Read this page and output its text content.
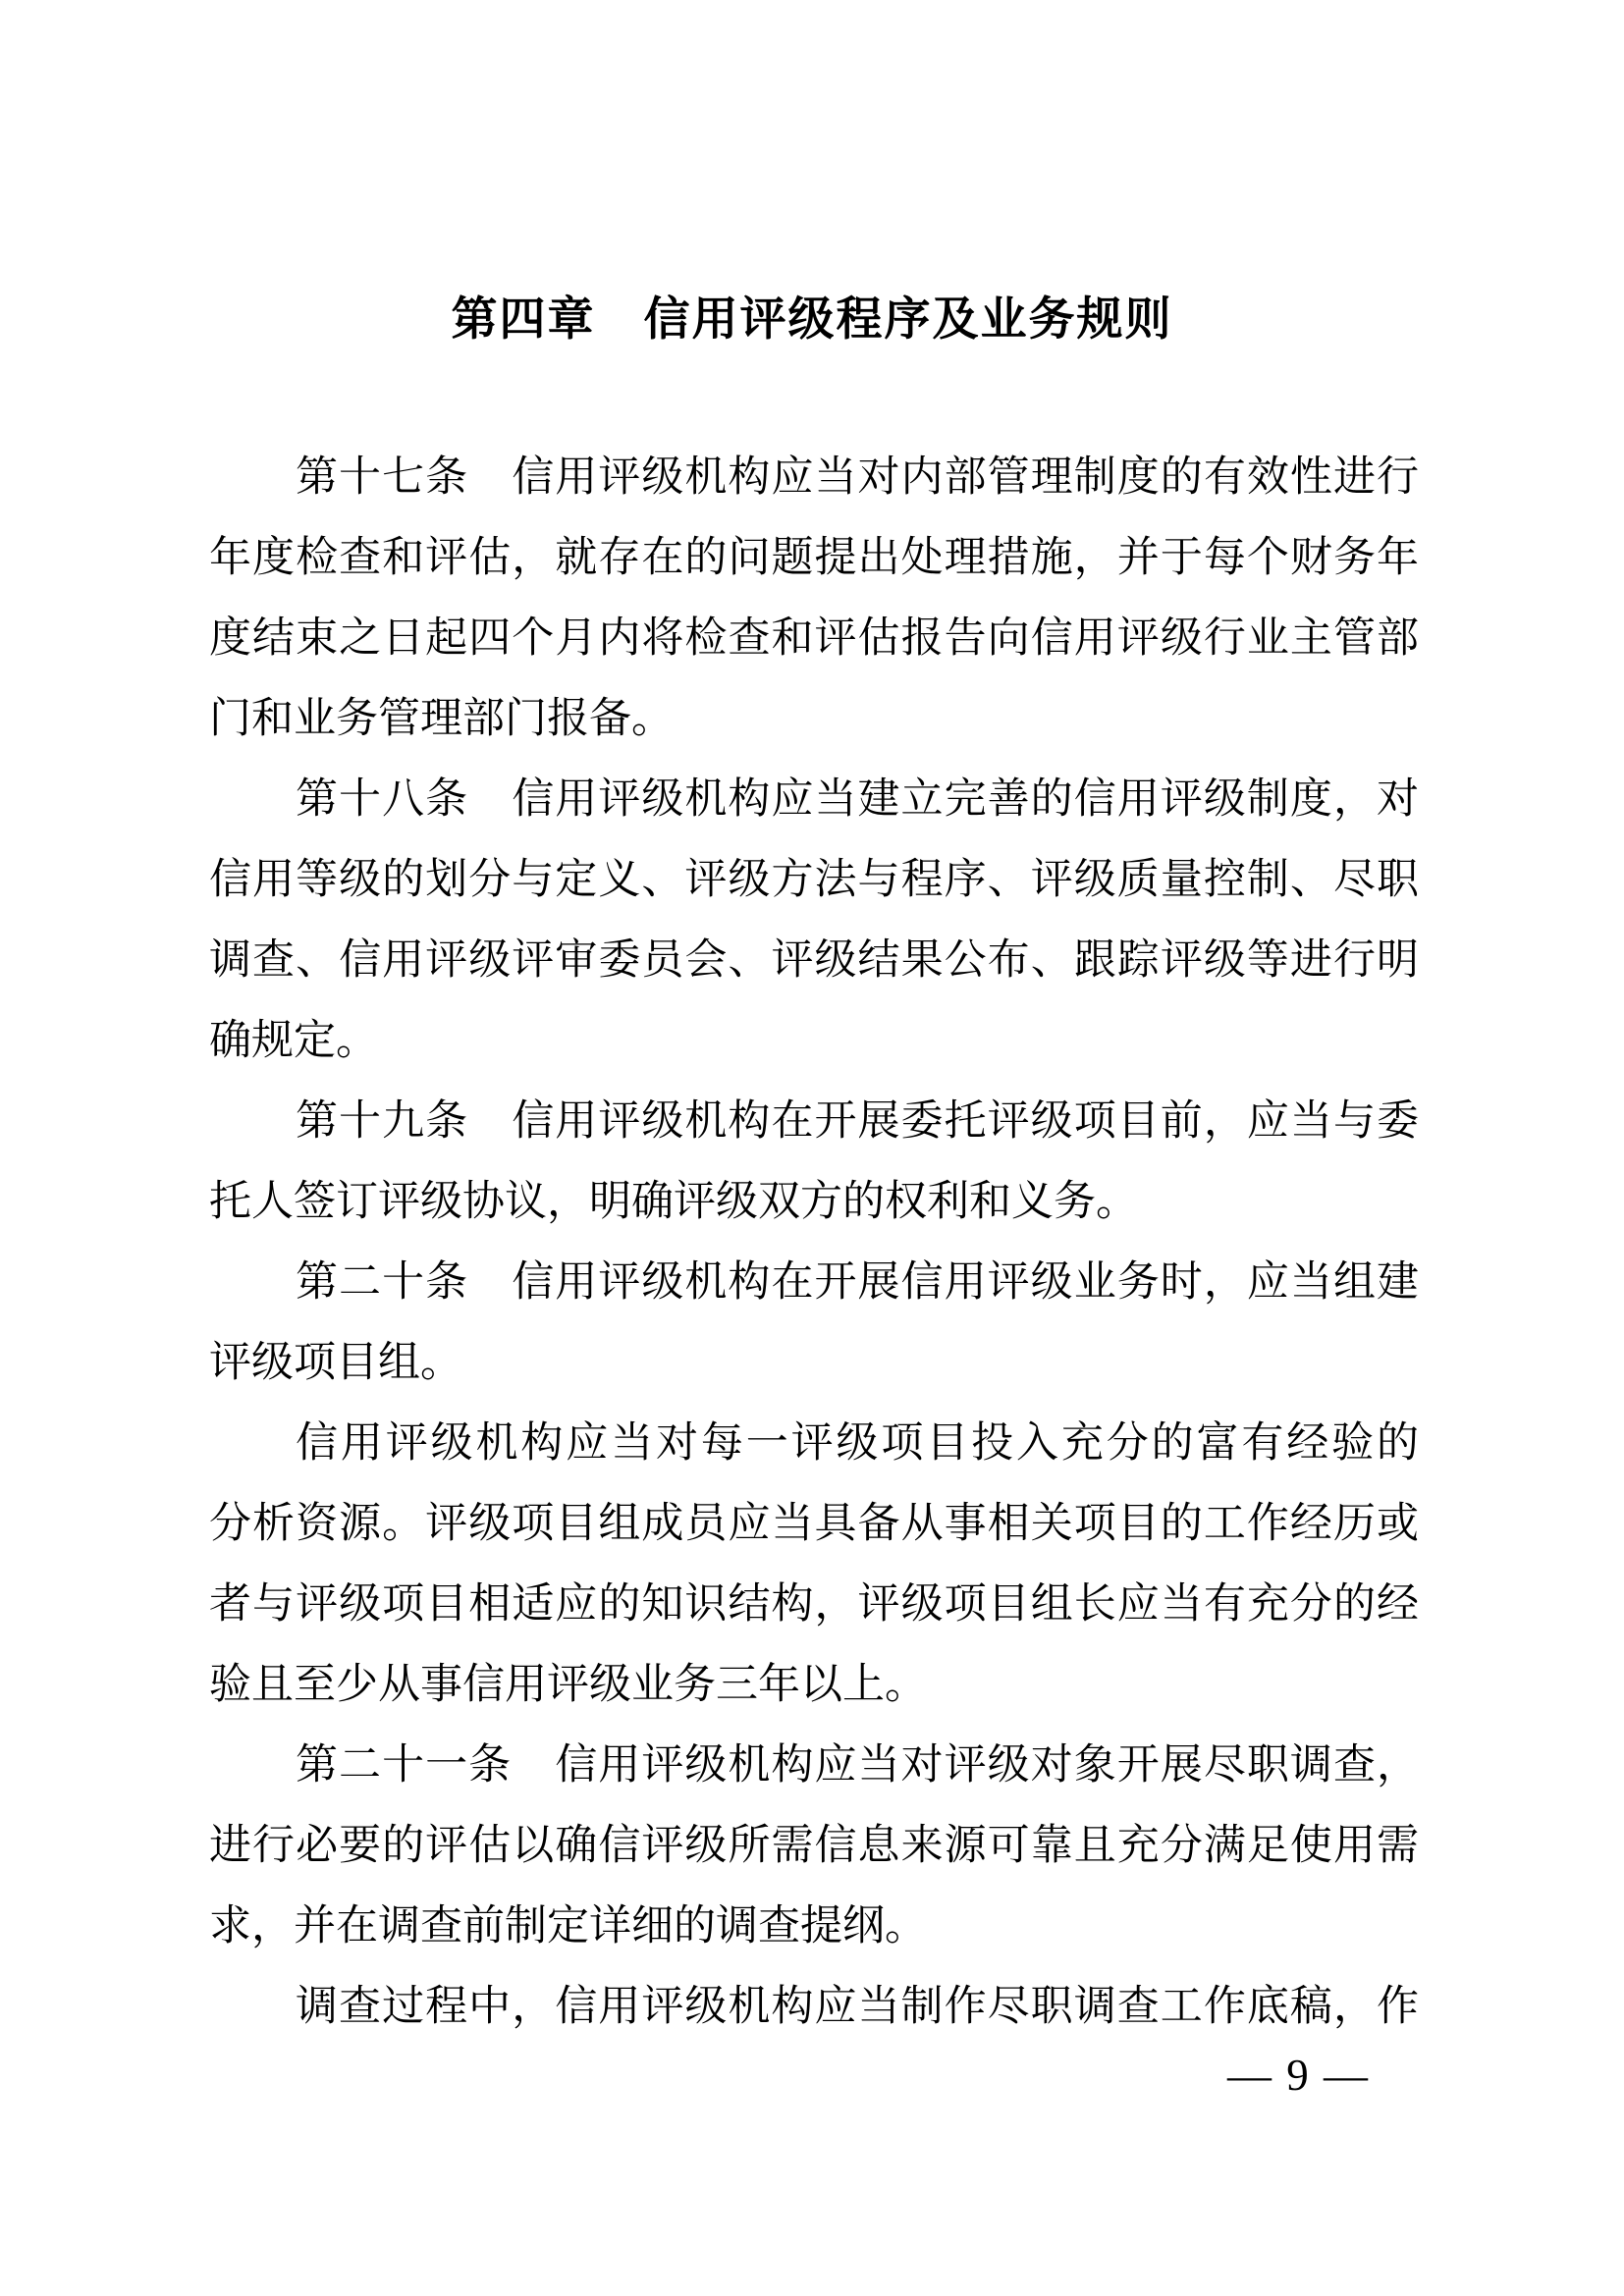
第四章　信用评级程序及业务规则
第十七条　信用评级机构应当对内部管理制度的有效性进行
年度检查和评估，就存在的问题提出处理措施，并于每个财务年
度结束之日起四个月内将检查和评估报告向信用评级行业主管部
门和业务管理部门报备。
第十八条　信用评级机构应当建立完善的信用评级制度，对
信用等级的划分与定义、评级方法与程序、评级质量控制、尽职
调查、信用评级评审委员会、评级结果公布、跟踪评级等进行明
确规定。
第十九条　信用评级机构在开展委托评级项目前，应当与委
托人签订评级协议，明确评级双方的权利和义务。
第二十条　信用评级机构在开展信用评级业务时，应当组建
评级项目组。
信用评级机构应当对每一评级项目投入充分的富有经验的
分析资源。评级项目组成员应当具备从事相关项目的工作经历或
者与评级项目相适应的知识结构，评级项目组长应当有充分的经
验且至少从事信用评级业务三年以上。
第二十一条　信用评级机构应当对评级对象开展尽职调查，
进行必要的评估以确信评级所需信息来源可靠且充分满足使用需
求，并在调查前制定详细的调查提纲。
调查过程中，信用评级机构应当制作尽职调查工作底稿，作
— 9 —
